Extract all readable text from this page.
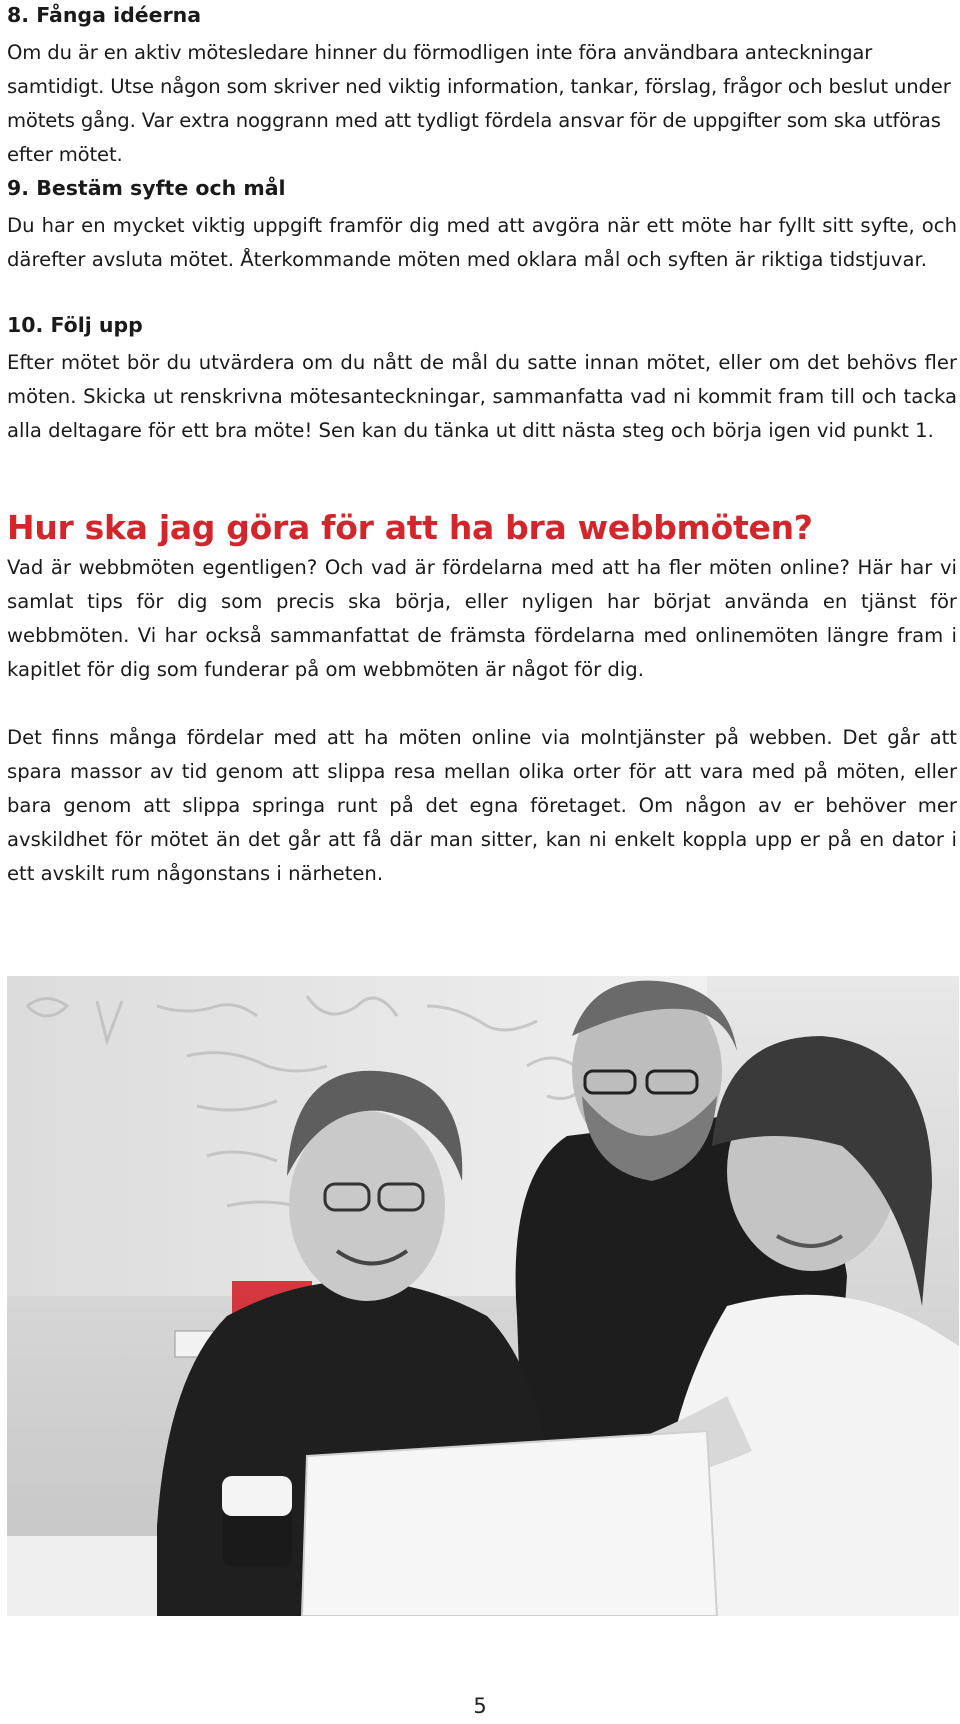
8. Fånga idéerna

Om du är en aktiv mötesledare hinner du förmodligen inte föra användbara anteckningar samtidigt. Utse någon som skriver ned viktig information, tankar, förslag, frågor och beslut under mötets gång. Var extra noggrann med att tydligt fördela ansvar för de uppgifter som ska utföras efter mötet.

9. Bestäm syfte och mål

Du har en mycket viktig uppgift framför dig med att avgöra när ett möte har fyllt sitt syfte, och därefter avsluta mötet. Återkommande möten med oklara mål och syften är riktiga tidstjuvar.

10. Följ upp

Efter mötet bör du utvärdera om du nått de mål du satte innan mötet, eller om det behövs fler möten. Skicka ut renskrivna mötesanteckningar, sammanfatta vad ni kommit fram till och tacka alla deltagare för ett bra möte! Sen kan du tänka ut ditt nästa steg och börja igen vid punkt 1.

Hur ska jag göra för att ha bra webbmöten?

Vad är webbmöten egentligen? Och vad är fördelarna med att ha fler möten online? Här har vi samlat tips för dig som precis ska börja, eller nyligen har börjat använda en tjänst för webbmöten. Vi har också sammanfattat de främsta fördelarna med onlinemöten längre fram i kapitlet för dig som funderar på om webbmöten är något för dig.

Det finns många fördelar med att ha möten online via molntjänster på webben. Det går att spara massor av tid genom att slippa resa mellan olika orter för att vara med på möten, eller bara genom att slippa springa runt på det egna företaget. Om någon av er behöver mer avskildhet för mötet än det går att få där man sitter, kan ni enkelt koppla upp er på en dator i ett avskilt rum någonstans i närheten.

5
